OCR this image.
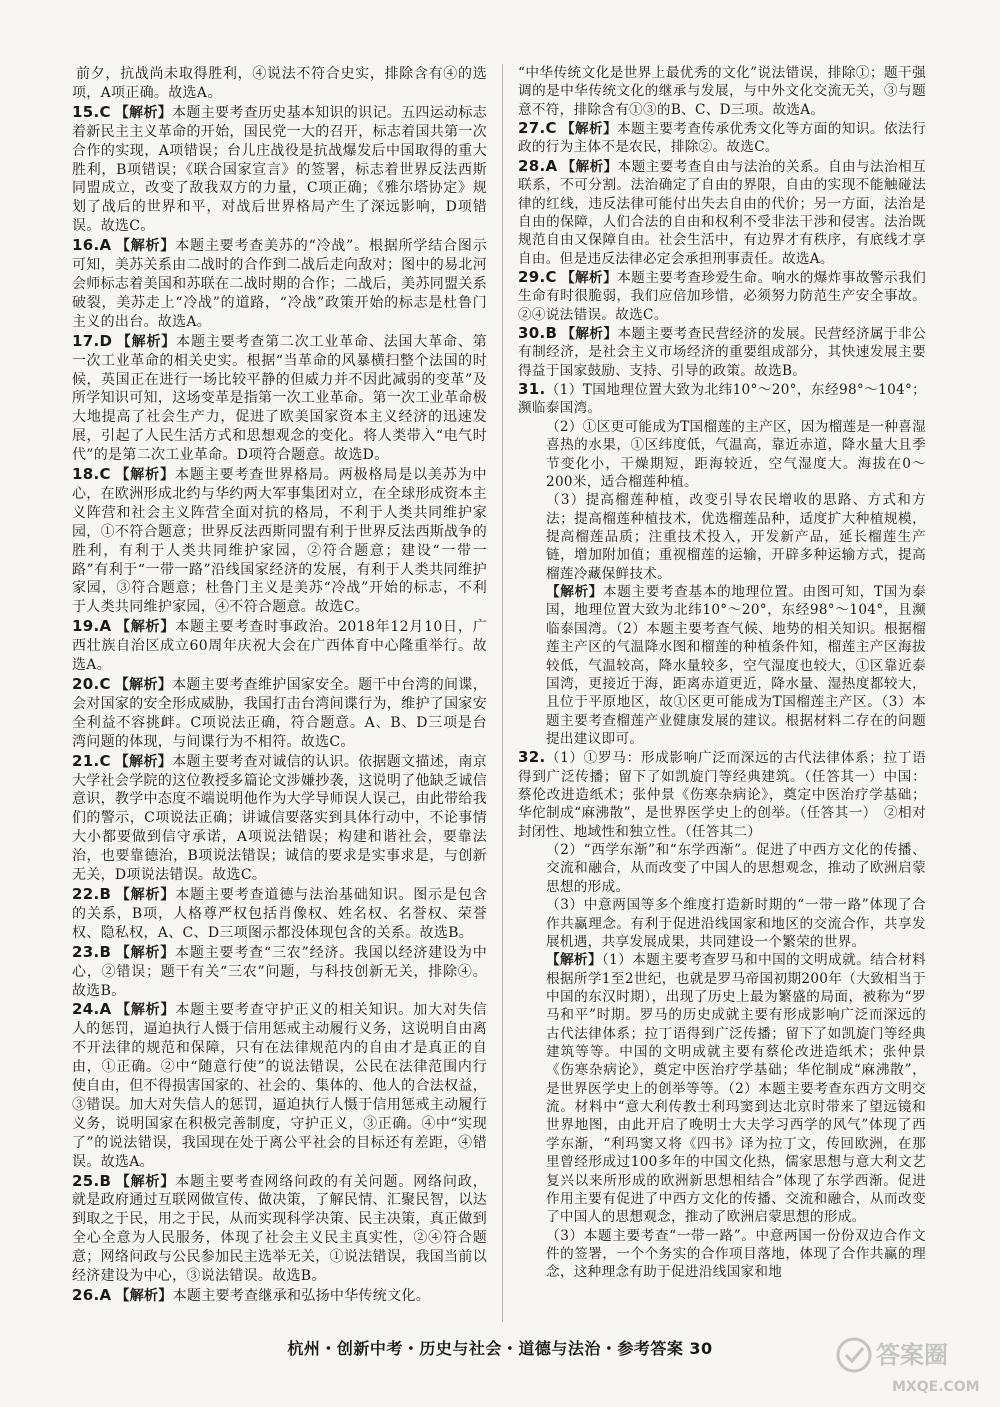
前夕，抗战尚未取得胜利，④说法不符合史实，排除含有④的选项，A项正确。故选A。

15.C 【解析】本题主要考查历史基本知识的识记。五四运动标志着新民主主义革命的开始，国民党一大的召开，标志着国共第一次合作的实现，A项错误；台儿庄战役是抗战爆发后中国取得的重大胜利，B项错误；《联合国家宣言》的签署，标志着世界反法西斯同盟成立，改变了敌我双方的力量，C项正确；《雅尔塔协定》规划了战后的世界和平，对战后世界格局产生了深远影响，D项错误。故选C。

16.A 【解析】本题主要考查美苏的“冷战”。根据所学结合图示可知，美苏关系由二战时的合作到二战后走向敌对；图中的易北河会师标志着美国和苏联在二战时期的合作；二战后，美苏同盟关系破裂，美苏走上“冷战”的道路，“冷战”政策开始的标志是杜鲁门主义的出台。故选A。

17.D 【解析】本题主要考查第二次工业革命、法国大革命、第一次工业革命的相关史实。根据“当革命的风暴横扫整个法国的时候，英国正在进行一场比较平静的但威力并不因此减弱的变革”及所学知识可知，这场变革是指第一次工业革命。第一次工业革命极大地提高了社会生产力，促进了欧美国家资本主义经济的迅速发展，引起了人民生活方式和思想观念的变化。将人类带入“电气时代”的是第二次工业革命。D项符合题意。故选D。

18.C 【解析】本题主要考查世界格局。两极格局是以美苏为中心，在欧洲形成北约与华约两大军事集团对立，在全球形成资本主义阵营和社会主义阵营全面对抗的格局，不利于人类共同维护家园，①不符合题意；世界反法西斯同盟有利于世界反法西斯战争的胜利，有利于人类共同维护家园，②符合题意；建设“一带一路”有利于“一带一路”沿线国家经济的发展，有利于人类共同维护家园，③符合题意；杜鲁门主义是美苏“冷战”开始的标志，不利于人类共同维护家园，④不符合题意。故选C。

19.A 【解析】本题主要考查时事政治。2018年12月10日，广西壮族自治区成立60周年庆祝大会在广西体育中心隆重举行。故选A。

20.C 【解析】本题主要考查维护国家安全。题干中台湾的间谍，会对国家的安全形成威胁，我国打击台湾间谍行为，维护了国家安全利益不容挑衅。C项说法正确，符合题意。A、B、D三项是台湾问题的体现，与间谍行为不相符。故选C。

21.C 【解析】本题主要考查对诚信的认识。依据题文描述，南京大学社会学院的这位教授多篇论文涉嫌抄袭，这说明了他缺乏诚信意识，教学中态度不端说明他作为大学导师误人误己，由此带给我们的警示，C项说法正确；讲诚信要落实到具体行动中，不论事情大小都要做到信守承诺，A项说法错误；构建和谐社会，要靠法治，也要靠德治，B项说法错误；诚信的要求是实事求是，与创新无关，D项说法错误。故选C。

22.B 【解析】本题主要考查道德与法治基础知识。图示是包含的关系，B项，人格尊严权包括肖像权、姓名权、名誉权、荣誉权、隐私权，A、C、D三项图示都没体现包含的关系。故选B。

23.B 【解析】本题主要考查“三农”经济。我国以经济建设为中心，②错误；题干有关“三农”问题，与科技创新无关，排除④。故选B。

24.A 【解析】本题主要考查守护正义的相关知识。加大对失信人的惩罚，逼迫执行人慑于信用惩戒主动履行义务，这说明自由离不开法律的规范和保障，只有在法律规范内的自由才是真正的自由，①正确。②中“随意行使”的说法错误，公民在法律范围内行使自由，但不得损害国家的、社会的、集体的、他人的合法权益，③错误。加大对失信人的惩罚，逼迫执行人慑于信用惩戒主动履行义务，说明国家在积极完善制度，守护正义，③正确。④中“实现了”的说法错误，我国现在处于离公平社会的目标还有差距，④错误。故选A。

25.B 【解析】本题主要考查网络问政的有关问题。网络问政，就是政府通过互联网做宣传、做决策，了解民情、汇聚民智，以达到取之于民，用之于民，从而实现科学决策、民主决策，真正做到全心全意为人民服务，体现了社会主义民主真实性，②④符合题意；网络问政与公民参加民主选举无关，①说法错误，我国当前以经济建设为中心，③说法错误。故选B。

26.A 【解析】本题主要考查继承和弘扬中华传统文化。

“中华传统文化是世界上最优秀的文化”说法错误，排除①；题干强调的是中华传统文化的继承与发展，与中外文化交流无关，③与题意不符，排除含有①③的B、C、D三项。故选A。

27.C 【解析】本题主要考查传承优秀文化等方面的知识。依法行政的行为主体不是农民，排除②。故选C。

28.A 【解析】本题主要考查自由与法治的关系。自由与法治相互联系，不可分割。法治确定了自由的界限，自由的实现不能触碰法律的红线，违反法律可能付出失去自由的代价；另一方面，法治是自由的保障，人们合法的自由和权利不受非法干涉和侵害。法治既规范自由又保障自由。社会生活中，有边界才有秩序，有底线才享自由。但是违反法律必定会承担刑事责任。故选A。

29.C 【解析】本题主要考查珍爱生命。响水的爆炸事故警示我们生命有时很脆弱，我们应倍加珍惜，必须努力防范生产安全事故。②④说法错误。故选C。

30.B 【解析】本题主要考查民营经济的发展。民营经济属于非公有制经济，是社会主义市场经济的重要组成部分，其快速发展主要得益于国家鼓励、支持、引导的政策。故选B。

31.（1）T国地理位置大致为北纬10°～20°，东经98°～104°；濒临泰国湾。

（2）①区更可能成为T国榴莲的主产区，因为榴莲是一种喜湿喜热的水果，①区纬度低，气温高，靠近赤道，降水量大且季节变化小，干燥期短，距海较近，空气湿度大。海拔在0～200米，适合榴莲种植。

（3）提高榴莲种植，改变引导农民增收的思路、方式和方法；提高榴莲种植技术，优选榴莲品种，适度扩大种植规模，提高榴莲品质；注重技术投入，开发新产品，延长榴莲生产链，增加附加值；重视榴莲的运输，开辟多种运输方式，提高榴莲冷藏保鲜技术。

【解析】本题主要考查基本的地理位置。由图可知，T国为泰国，地理位置大致为北纬10°～20°，东经98°～104°，且濒临泰国湾。（2）本题主要考查气候、地势的相关知识。根据榴莲主产区的气温降水图和榴莲的种植条件知，榴莲主产区海拔较低，气温较高，降水量较多，空气湿度也较大，①区靠近泰国湾，更接近于海，距离赤道更近，降水量、湿热度都较大，且位于平原地区，故①区更可能成为T国榴莲主产区。（3）本题主要考查榴莲产业健康发展的建议。根据材料二存在的问题提出建议即可。

32.（1）①罗马：形成影响广泛而深远的古代法律体系；拉丁语得到广泛传播；留下了如凯旋门等经典建筑。（任答其一）中国：蔡伦改进造纸术；张仲景《伤寒杂病论》，奠定中医治疗学基础；华佗制成“麻沸散”，是世界医学史上的创举。（任答其一）　②相对封闭性、地域性和独立性。（任答其二）

（2）“西学东渐”和“东学西渐”。促进了中西方文化的传播、交流和融合，从而改变了中国人的思想观念，推动了欧洲启蒙思想的形成。

（3）中意两国等多个维度打造新时期的“一带一路”体现了合作共赢理念。有利于促进沿线国家和地区的交流合作，共享发展机遇，共享发展成果，共同建设一个繁荣的世界。

【解析】（1）本题主要考查罗马和中国的文明成就。结合材料根据所学1至2世纪，也就是罗马帝国初期200年（大致相当于中国的东汉时期），出现了历史上最为繁盛的局面，被称为“罗马和平”时期。罗马的历史成就主要有形成影响广泛而深远的古代法律体系；拉丁语得到广泛传播；留下了如凯旋门等经典建筑等等。中国的文明成就主要有蔡伦改进造纸术；张仲景《伤寒杂病论》，奠定中医治疗学基础；华佗制成“麻沸散”，是世界医学史上的创举等等。（2）本题主要考查东西方文明交流。材料中“意大利传教士利玛窦到达北京时带来了望远镜和世界地图，由此开启了晚明士大夫学习西学的风气”体现了西学东渐，“利玛窦又将《四书》译为拉丁文，传回欧洲，在那里曾经形成过100多年的中国文化热，儒家思想与意大利文艺复兴以来所形成的欧洲新思想相结合”体现了东学西渐。促进作用主要有促进了中西方文化的传播、交流和融合，从而改变了中国人的思想观念，推动了欧洲启蒙思想的形成。

（3）本题主要考查“一带一路”。中意两国一份份双边合作文件的签署，一个个务实的合作项目落地，体现了合作共赢的理念，这种理念有助于促进沿线国家和地

杭州・创新中考・历史与社会・道德与法治・参考答案 30	答案圈
MXQE.COM
